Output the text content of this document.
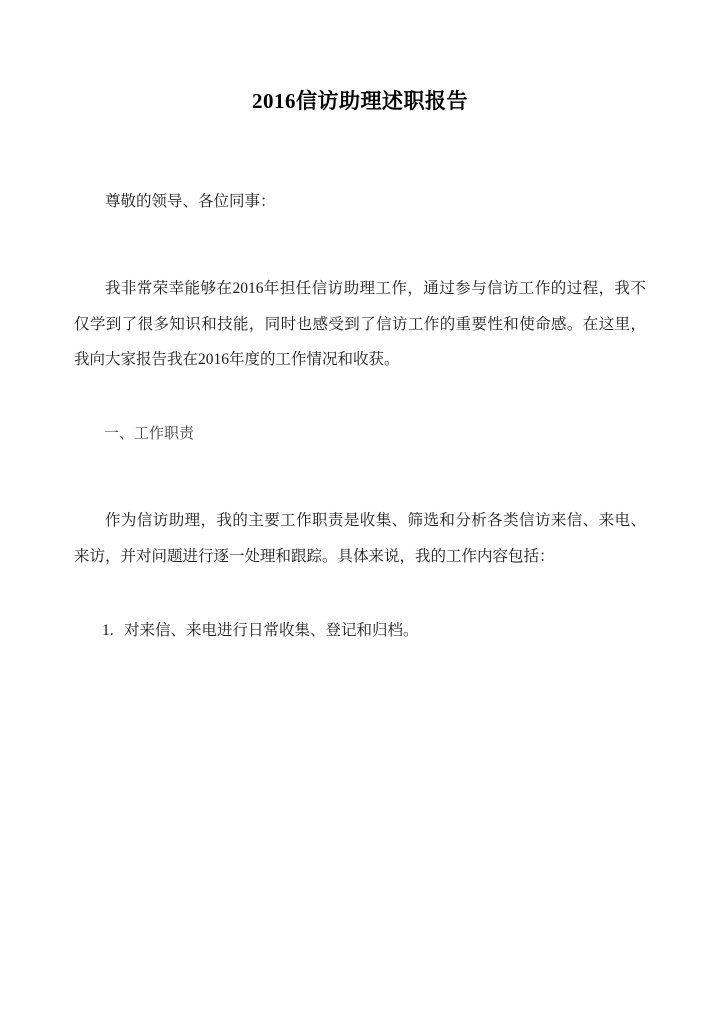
2016信访助理述职报告

尊敬的领导、各位同事：

我非常荣幸能够在2016年担任信访助理工作，通过参与信访工作的过程，我不仅学到了很多知识和技能，同时也感受到了信访工作的重要性和使命感。在这里，我向大家报告我在2016年度的工作情况和收获。

一、工作职责

作为信访助理，我的主要工作职责是收集、筛选和分析各类信访来信、来电、来访，并对问题进行逐一处理和跟踪。具体来说，我的工作内容包括：

1. 对来信、来电进行日常收集、登记和归档。
